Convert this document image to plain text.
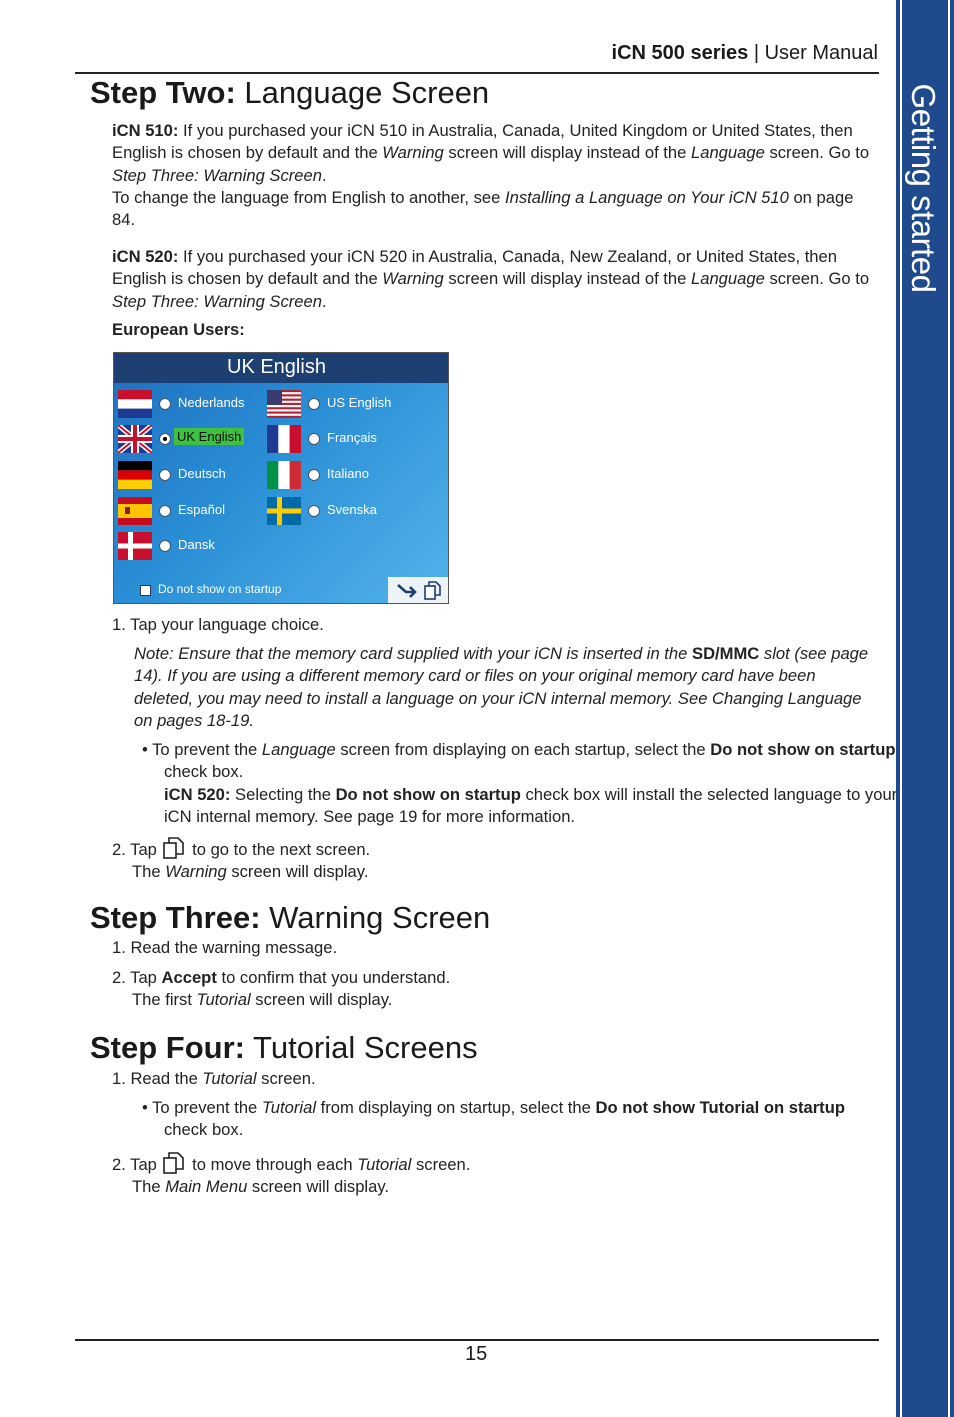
Getting started
iCN 500 series | User Manual
Step Two: Language Screen
iCN 510: If you purchased your iCN 510 in Australia, Canada, United Kingdom or United States, then English is chosen by default and the Warning screen will display instead of the Language screen. Go to Step Three: Warning Screen.
To change the language from English to another, see Installing a Language on Your iCN 510 on page 84.
iCN 520: If you purchased your iCN 520 in Australia, Canada, New Zealand, or United States, then English is chosen by default and the Warning screen will display instead of the Language screen. Go to Step Three: Warning Screen.
European Users:
UK English
Nederlands
UK English
Deutsch
Español
Dansk
US English
Français
Italiano
Svenska
Do not show on startup
1. Tap your language choice.
Note: Ensure that the memory card supplied with your iCN is inserted in the SD/MMC slot (see page 14). If you are using a different memory card or files on your original memory card have been deleted, you may need to install a language on your iCN internal memory. See Changing Language on pages 18-19.
• To prevent the Language screen from displaying on each startup, select the Do not show on startup check box.
iCN 520: Selecting the Do not show on startup check box will install the selected language to your iCN internal memory. See page 19 for more information.
2. Tap  to go to the next screen.
The Warning screen will display.
Step Three: Warning Screen
1. Read the warning message.
2. Tap Accept to confirm that you understand.
The first Tutorial screen will display.
Step Four: Tutorial Screens
1. Read the Tutorial screen.
• To prevent the Tutorial from displaying on startup, select the Do not show Tutorial on startup check box.
2. Tap  to move through each Tutorial screen.
The Main Menu screen will display.
15
